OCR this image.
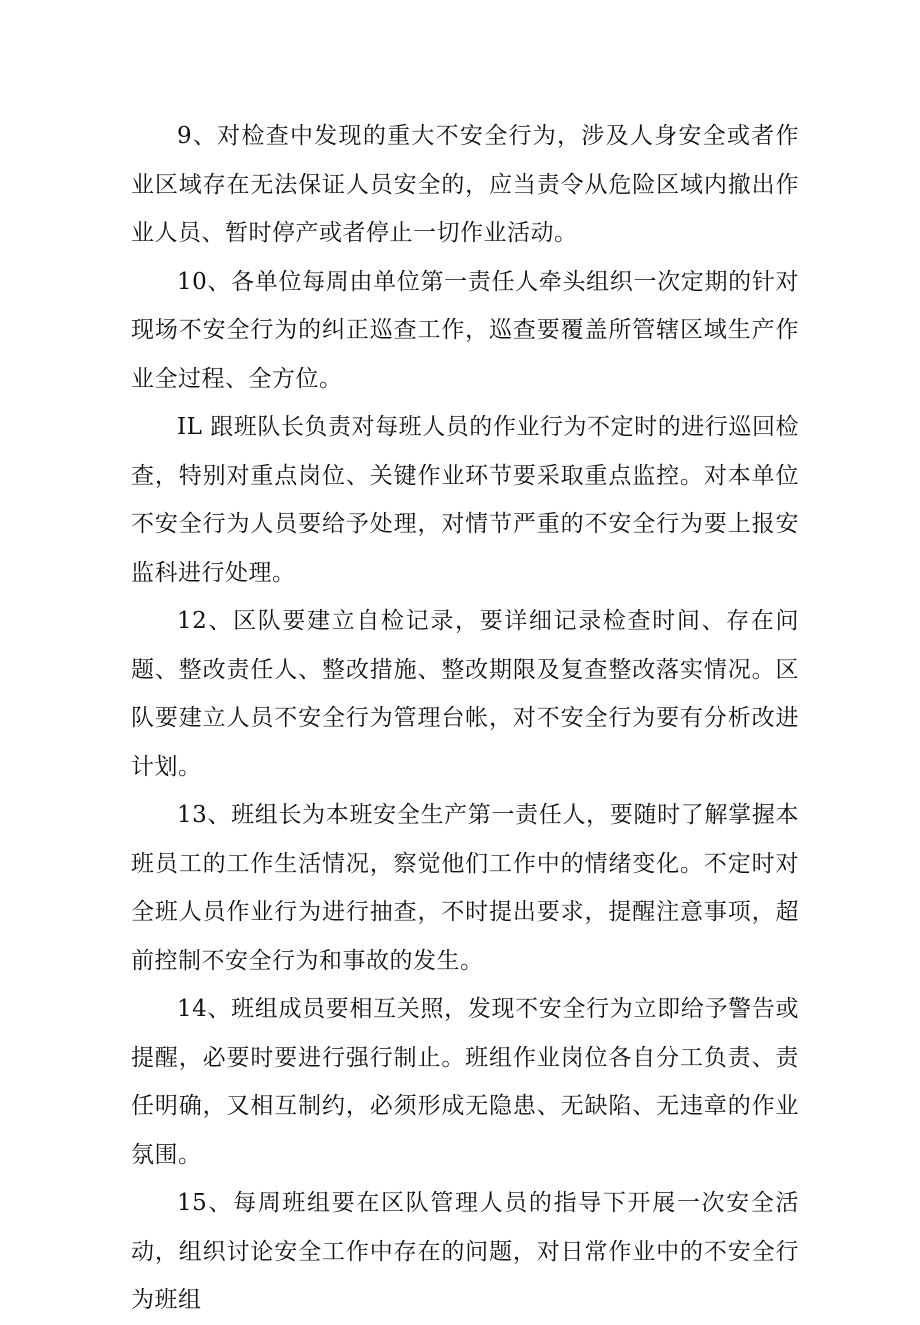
9、对检查中发现的重大不安全行为，涉及人身安全或者作业区域存在无法保证人员安全的，应当责令从危险区域内撤出作业人员、暂时停产或者停止一切作业活动。

10、各单位每周由单位第一责任人牵头组织一次定期的针对现场不安全行为的纠正巡查工作，巡查要覆盖所管辖区域生产作业全过程、全方位。

IL 跟班队长负责对每班人员的作业行为不定时的进行巡回检查，特别对重点岗位、关键作业环节要采取重点监控。对本单位不安全行为人员要给予处理，对情节严重的不安全行为要上报安监科进行处理。

12、区队要建立自检记录，要详细记录检查时间、存在问题、整改责任人、整改措施、整改期限及复查整改落实情况。区队要建立人员不安全行为管理台帐，对不安全行为要有分析改进计划。

13、班组长为本班安全生产第一责任人，要随时了解掌握本班员工的工作生活情况，察觉他们工作中的情绪变化。不定时对全班人员作业行为进行抽查，不时提出要求，提醒注意事项，超前控制不安全行为和事故的发生。

14、班组成员要相互关照，发现不安全行为立即给予警告或提醒，必要时要进行强行制止。班组作业岗位各自分工负责、责任明确，又相互制约，必须形成无隐患、无缺陷、无违章的作业氛围。

15、每周班组要在区队管理人员的指导下开展一次安全活动，组织讨论安全工作中存在的问题，对日常作业中的不安全行为班组
